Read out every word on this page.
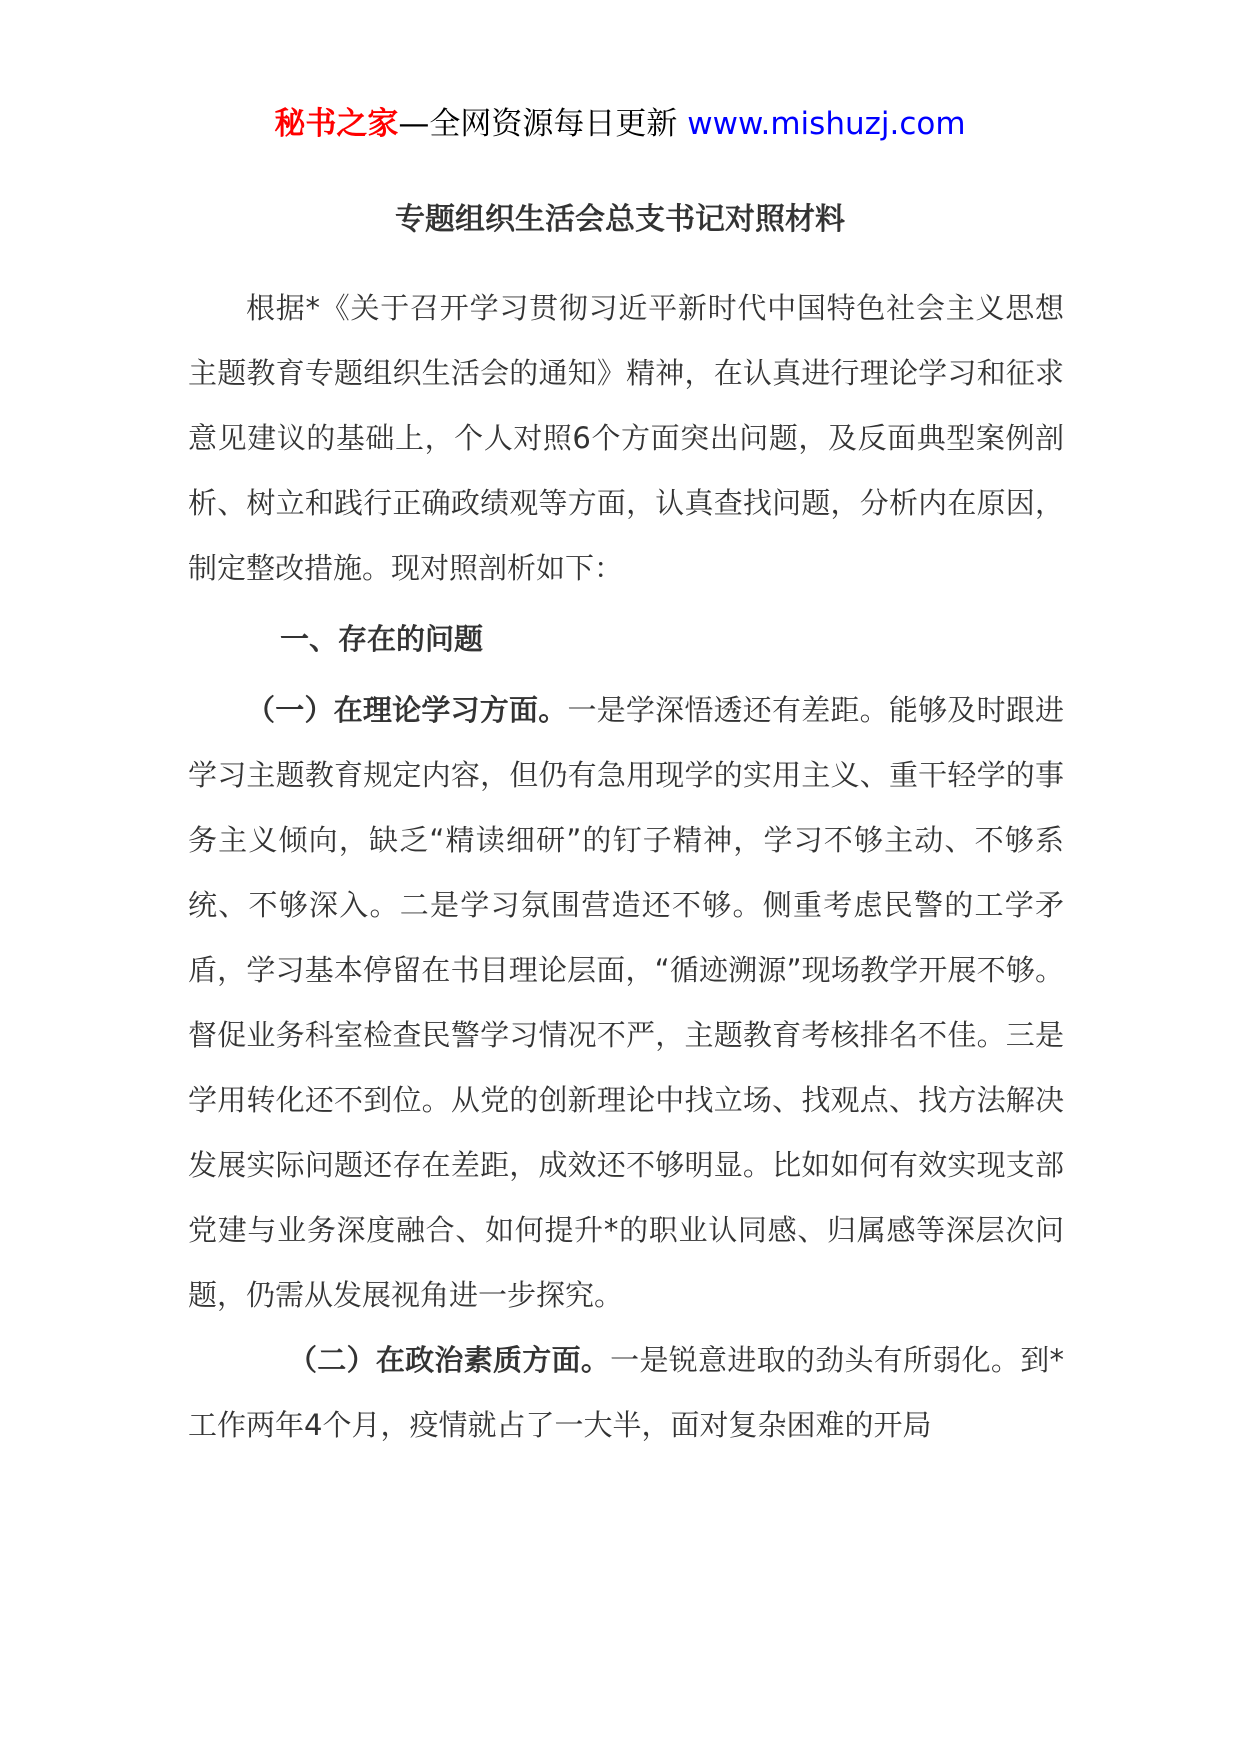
秘书之家—全网资源每日更新 www.mishuzj.com
专题组织生活会总支书记对照材料

根据*《关于召开学习贯彻习近平新时代中国特色社会主义思想主题教育专题组织生活会的通知》精神，在认真进行理论学习和征求意见建议的基础上，个人对照6个方面突出问题，及反面典型案例剖析、树立和践行正确政绩观等方面，认真查找问题，分析内在原因，制定整改措施。现对照剖析如下：

一、存在的问题

（一）在理论学习方面。一是学深悟透还有差距。能够及时跟进学习主题教育规定内容，但仍有急用现学的实用主义、重干轻学的事务主义倾向，缺乏“精读细研”的钉子精神，学习不够主动、不够系统、不够深入。二是学习氛围营造还不够。侧重考虑民警的工学矛盾，学习基本停留在书目理论层面，“循迹溯源”现场教学开展不够。督促业务科室检查民警学习情况不严，主题教育考核排名不佳。三是学用转化还不到位。从党的创新理论中找立场、找观点、找方法解决发展实际问题还存在差距，成效还不够明显。比如如何有效实现支部党建与业务深度融合、如何提升*的职业认同感、归属感等深层次问题，仍需从发展视角进一步探究。

（二）在政治素质方面。一是锐意进取的劲头有所弱化。到*工作两年4个月，疫情就占了一大半，面对复杂困难的开局
